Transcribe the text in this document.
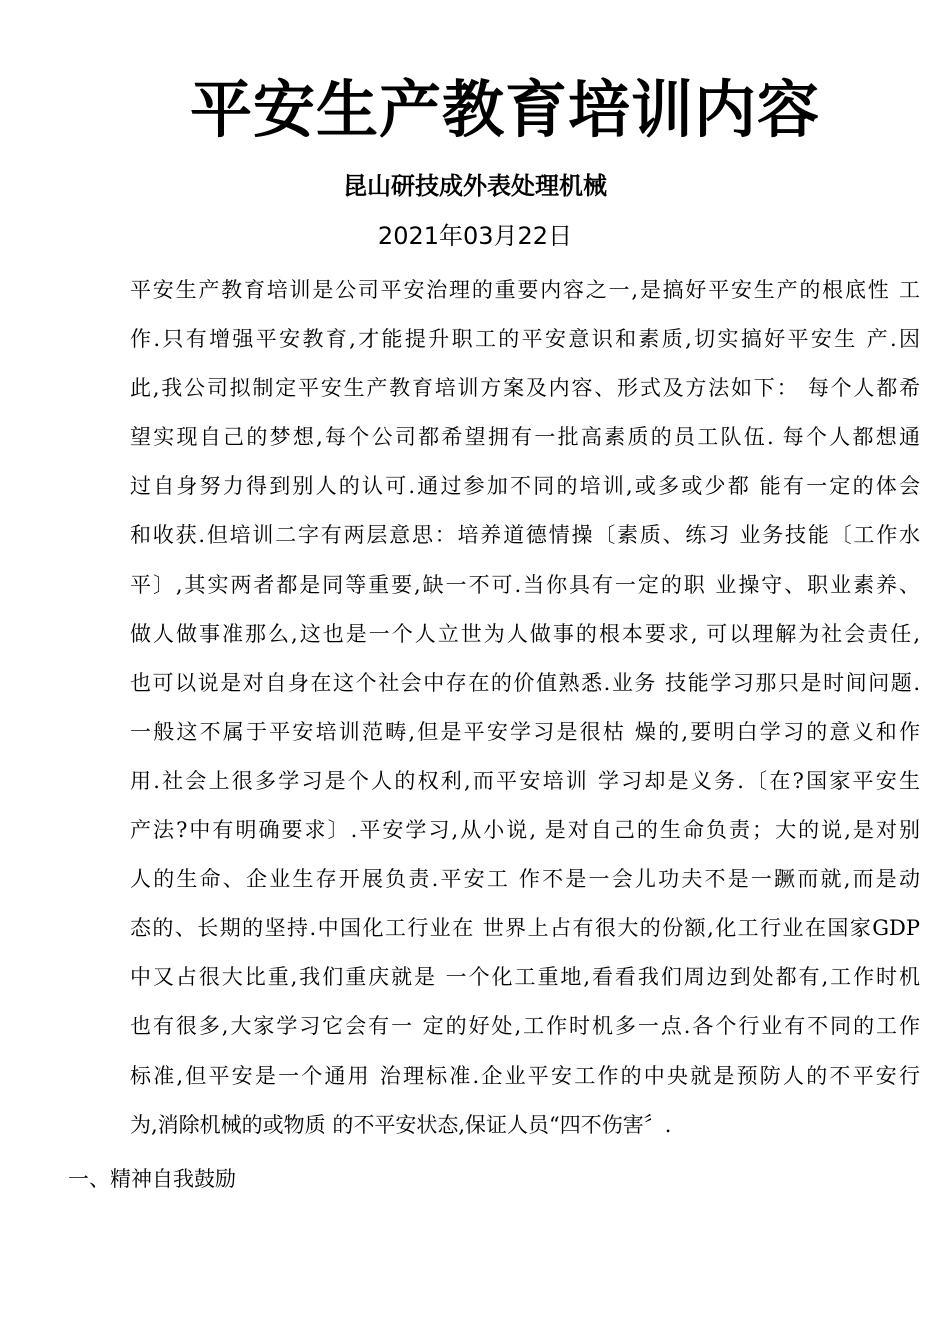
平安生产教育培训内容
昆山研技成外表处理机械
2021年03月22日
平安生产教育培训是公司平安治理的重要内容之一,是搞好平安生产的根底性 工
作.只有增强平安教育,才能提升职工的平安意识和素质,切实搞好平安生 产.因
此,我公司拟制定平安生产教育培训方案及内容、形式及方法如下： 每个人都希
望实现自己的梦想,每个公司都希望拥有一批高素质的员工队伍. 每个人都想通
过自身努力得到别人的认可.通过参加不同的培训,或多或少都 能有一定的体会
和收获.但培训二字有两层意思：培养道德情操〔素质、练习 业务技能〔工作水
平〕,其实两者都是同等重要,缺一不可.当你具有一定的职 业操守、职业素养、
做人做事准那么,这也是一个人立世为人做事的根本要求, 可以理解为社会责任,
也可以说是对自身在这个社会中存在的价值熟悉.业务 技能学习那只是时间问题.
一般这不属于平安培训范畴,但是平安学习是很枯 燥的,要明白学习的意义和作
用.社会上很多学习是个人的权利,而平安培训 学习却是义务.〔在?国家平安生
产法?中有明确要求〕.平安学习,从小说, 是对自己的生命负责；大的说,是对别
人的生命、企业生存开展负责.平安工 作不是一会儿功夫不是一蹶而就,而是动
态的、长期的坚持.中国化工行业在 世界上占有很大的份额,化工行业在国家GDP
中又占很大比重,我们重庆就是 一个化工重地,看看我们周边到处都有,工作时机
也有很多,大家学习它会有一 定的好处,工作时机多一点.各个行业有不同的工作
标准,但平安是一个通用 治理标准.企业平安工作的中央就是预防人的不平安行
为,消除机械的或物质 的不平安状态,保证人员“四不伤害〞.
一、精神自我鼓励
